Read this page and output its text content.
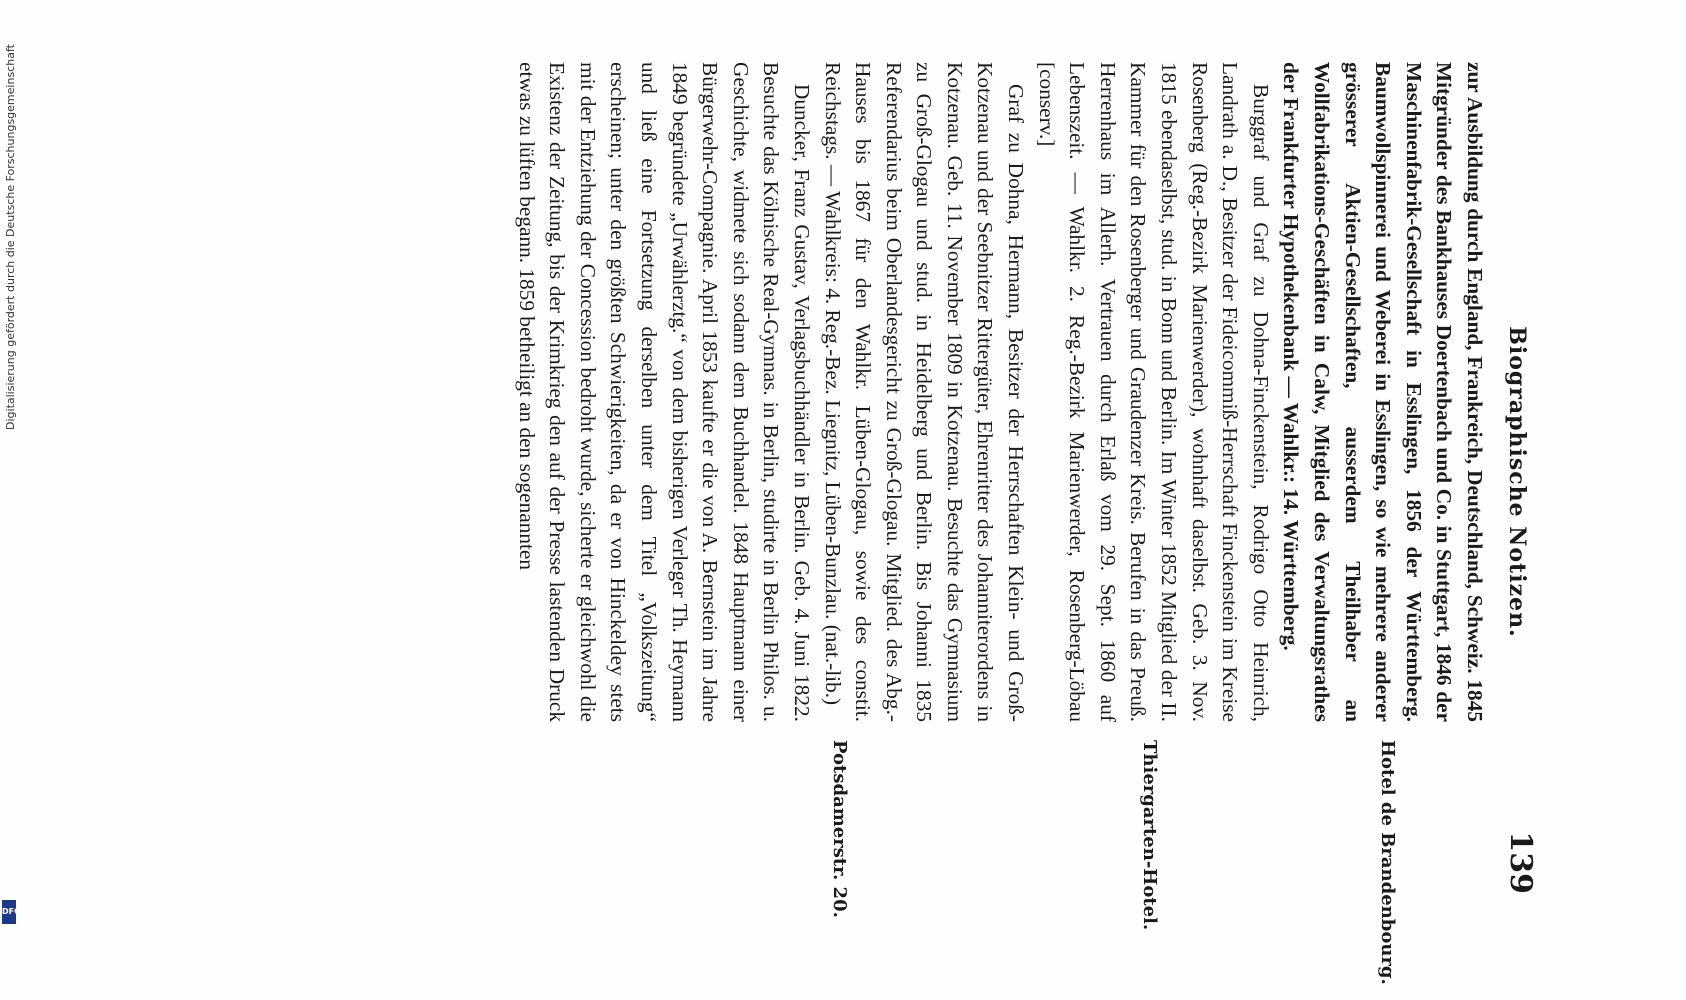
Digitalisierung gefördert durch die Deutsche Forschungsgemeinschaft
DFG
Biographische Notizen.
139

zur Ausbildung durch England, Frankreich, Deutschland, Schweiz. 1845 Mitgründer des Bankhauses Doertenbach und Co. in Stuttgart, 1846 der Maschinenfabrik-Gesellschaft in Esslingen, 1856 der Württemberg. Baumwollspinnerei und Weberei in Esslingen, so wie mehrere anderer grösserer Aktien-Gesellschaften, ausserdem Theilhaber an Wollfabrikations-Geschäften in Calw, Mitglied des Verwaltungsrathes der Frankfurter Hypothekenbank — Wahlkr.: 14. Württemberg.

Burggraf und Graf zu Dohna-Finckenstein, Rodrigo Otto Heinrich, Landrath a. D., Besitzer der Fideicommiß-Herrschaft Finckenstein im Kreise Rosenberg (Reg.-Bezirk Marienwerder), wohnhaft daselbst. Geb. 3. Nov. 1815 ebendaselbst, stud. in Bonn und Berlin. Im Winter 1852 Mitglied der II. Kammer für den Rosenberger und Graudenzer Kreis. Berufen in das Preuß. Herrenhaus im Allerh. Vertrauen durch Erlaß vom 29. Sept. 1860 auf Lebenszeit. — Wahlkr. 2. Reg.-Bezirk Marienwerder, Rosenberg-Löbau [conserv.]

Graf zu Dohna, Hermann, Besitzer der Herrschaften Klein- und Groß-Kotzenau und der Seebnitzer Rittergüter, Ehrenritter des Johanniterordens in Kotzenau. Geb. 11. November 1809 in Kotzenau. Besuchte das Gymnasium zu Groß-Glogau und stud. in Heidelberg und Berlin. Bis Johanni 1835 Referendarius beim Oberlandesgericht zu Groß-Glogau. Mitglied. des Abg.-Hauses bis 1867 für den Wahlkr. Lüben-Glogau, sowie des constit. Reichstags. — Wahlkreis: 4. Reg.-Bez. Liegnitz, Lüben-Bunzlau. (nat.-lib.)

Duncker, Franz Gustav, Verlagsbuchhändler in Berlin. Geb. 4. Juni 1822. Besuchte das Kölnische Real-Gymnas. in Berlin, studirte in Berlin Philos. u. Geschichte, widmete sich sodann dem Buchhandel. 1848 Hauptmann einer Bürgerwehr-Compagnie. April 1853 kaufte er die von A. Bernstein im Jahre 1849 begründete „Urwählerztg.“ von dem bisherigen Verleger Th. Heymann und ließ eine Fortsetzung derselben unter dem Titel „Volkszeitung“ erscheinen; unter den größten Schwierigkeiten, da er von Hinckeldey stets mit der Entziehung der Concession bedroht wurde, sicherte er gleichwohl die Existenz der Zeitung, bis der Krimkrieg den auf der Presse lastenden Druck etwas zu lüften begann. 1859 betheiligt an den sogenannten

Hotel de Brandenbourg.
Thiergarten-Hotel.
Potsdamerstr. 20.
